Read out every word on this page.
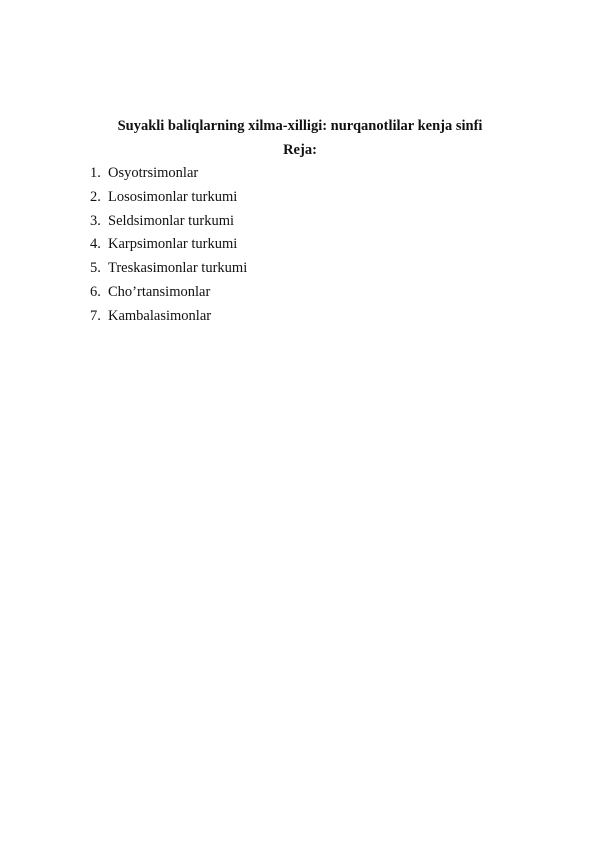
Suyakli baliqlarning xilma-xilligi: nurqanotlilar kenja sinfi
Reja:
1. Osyotrsimonlar
2. Lososimonlar turkumi
3. Seldsimonlar turkumi
4. Karpsimonlar turkumi
5. Treskasimonlar turkumi
6. Cho’rtansimonlar
7. Kambalasimonlar
